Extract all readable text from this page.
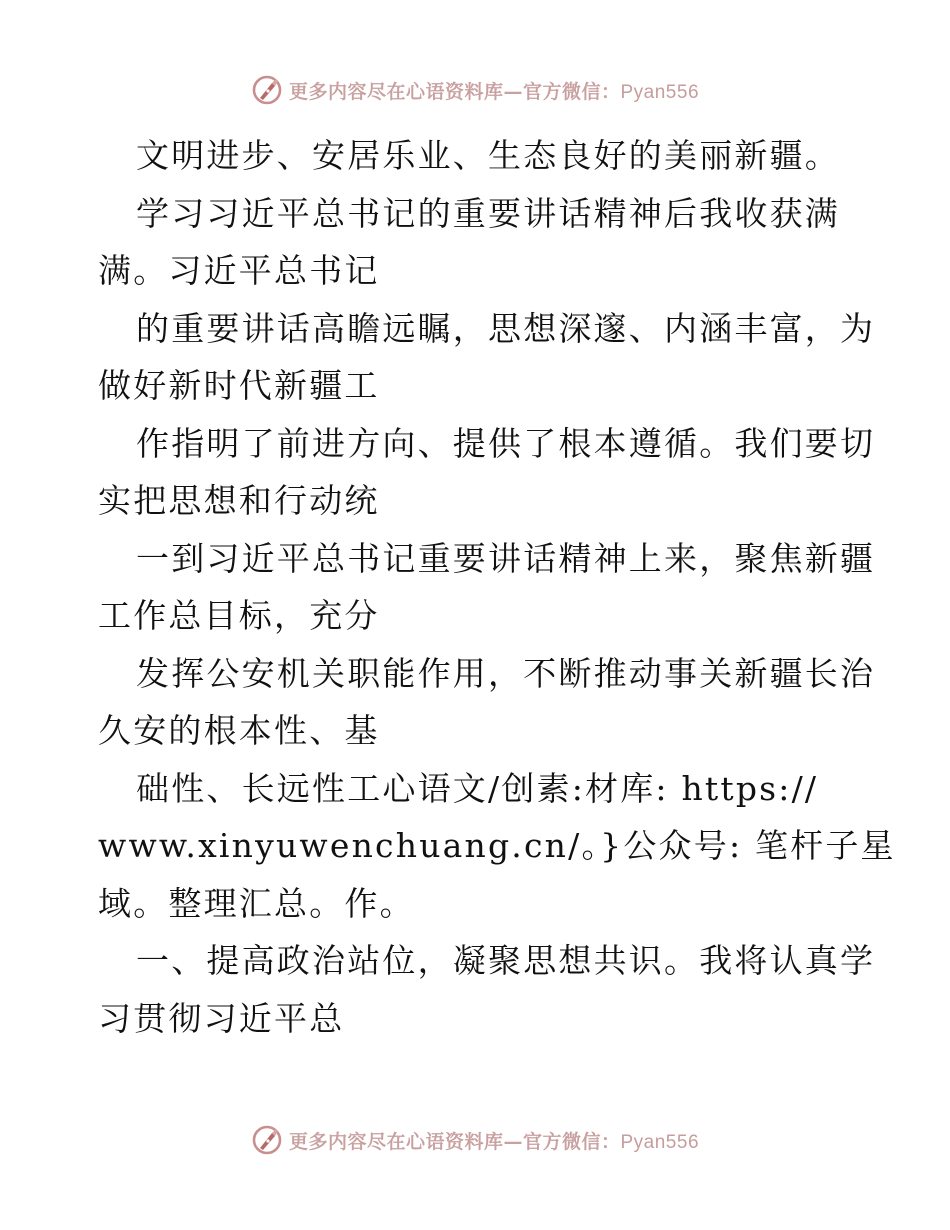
更多内容尽在心语资料库—官方微信：Pyan556
文明进步、安居乐业、生态良好的美丽新疆。
学习习近平总书记的重要讲话精神后我收获满
满。习近平总书记
的重要讲话高瞻远瞩，思想深邃、内涵丰富，为
做好新时代新疆工
作指明了前进方向、提供了根本遵循。我们要切
实把思想和行动统
一到习近平总书记重要讲话精神上来，聚焦新疆
工作总目标，充分
发挥公安机关职能作用，不断推动事关新疆长治
久安的根本性、基
础性、长远性工心语文/创素:材库: https://
www.xinyuwenchuang.cn/。}公众号: 笔杆子星
域。整理汇总。作。
一、提高政治站位，凝聚思想共识。我将认真学
习贯彻习近平总
更多内容尽在心语资料库—官方微信：Pyan556
